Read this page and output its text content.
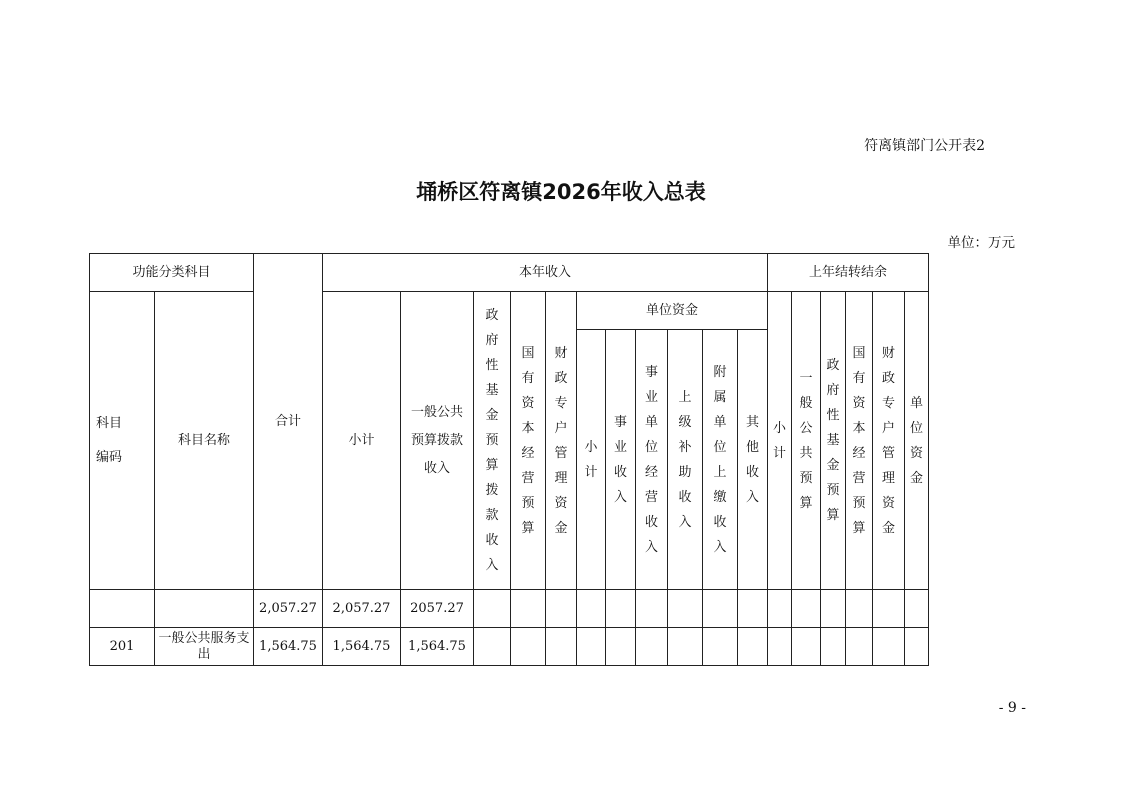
符离镇部门公开表2
埇桥区符离镇2026年收入总表
单位：万元
功能分类科目		合计	本年收入											上年结转结余					

科目编码	科目名称		小计	一般公共预算拨款收入	政府性基金预算拨款收入	国有资本经营预算	财政专户管理资金	单位资金						小计	一般公共预算	政府性基金预算	国有资本经营预算	财政专户管理资金	单位资金

								小计	事业收入	事业单位经营收入	上级补助收入	附属单位上缴收入	其他收入						

		2,057.27	2,057.27	2057.27															
201	一般公共服务支出	1,564.75	1,564.75	1,564.75															
- 9 -
